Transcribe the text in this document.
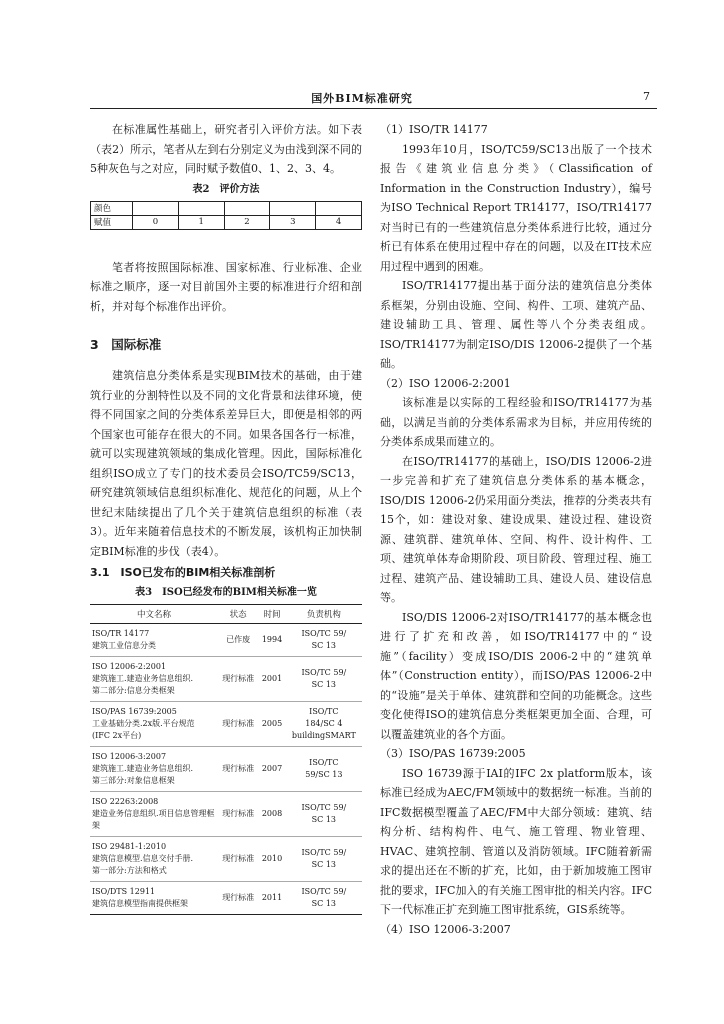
国外BIM标准研究	7

在标准属性基础上，研究者引入评价方法。如下表（表2）所示，笔者从左到右分别定义为由浅到深不同的5种灰色与之对应，同时赋予数值0、1、2、3、4。

表2　评价方法
颜色					
赋值	0	1	2	3	4

笔者将按照国际标准、国家标准、行业标准、企业标准之顺序，逐一对目前国外主要的标准进行介绍和剖析，并对每个标准作出评价。

3　国际标准

建筑信息分类体系是实现BIM技术的基础，由于建筑行业的分割特性以及不同的文化背景和法律环境，使得不同国家之间的分类体系差异巨大，即便是相邻的两个国家也可能存在很大的不同。如果各国各行一标准，就可以实现建筑领域的集成化管理。因此，国际标准化组织ISO成立了专门的技术委员会ISO/TC59/SC13，研究建筑领域信息组织标准化、规范化的问题，从上个世纪末陆续提出了几个关于建筑信息组织的标准（表3）。近年来随着信息技术的不断发展，该机构正加快制定BIM标准的步伐（表4）。

3.1　ISO已发布的BIM相关标准剖析
表3　ISO已经发布的BIM相关标准一览
中文名称	状态	时间	负责机构
ISO/TR 14177
建筑工业信息分类	已作废	1994	ISO/TC 59/
SC 13
ISO 12006-2:2001
建筑施工.建造业务信息组织.
第二部分:信息分类框架	现行标准	2001	ISO/TC 59/
SC 13
ISO/PAS 16739:2005
工业基础分类.2x版.平台规范
(IFC 2x平台)	现行标准	2005	ISO/TC
184/SC 4
buildingSMART
ISO 12006-3:2007
建筑施工.建造业务信息组织.
第三部分:对象信息框架	现行标准	2007	ISO/TC
59/SC 13
ISO 22263:2008
建造业务信息组织.项目信息管理框架	现行标准	2008	ISO/TC 59/
SC 13
ISO 29481-1:2010
建筑信息模型.信息交付手册.
第一部分:方法和格式	现行标准	2010	ISO/TC 59/
SC 13
ISO/DTS 12911
建筑信息模型指南提供框架	现行标准	2011	ISO/TC 59/
SC 13

（1）ISO/TR 14177

1993年10月，ISO/TC59/SC13出版了一个技术报告《建筑业信息分类》（Classification of Information in the Construction Industry），编号为ISO Technical Report TR14177，ISO/TR14177对当时已有的一些建筑信息分类体系进行比较，通过分析已有体系在使用过程中存在的问题，以及在IT技术应用过程中遇到的困难。

ISO/TR14177提出基于面分法的建筑信息分类体系框架，分别由设施、空间、构件、工项、建筑产品、建设辅助工具、管理、属性等八个分类表组成。ISO/TR14177为制定ISO/DIS 12006-2提供了一个基础。

（2）ISO 12006-2:2001

该标准是以实际的工程经验和ISO/TR14177为基础，以满足当前的分类体系需求为目标，并应用传统的分类体系成果而建立的。

在ISO/TR14177的基础上，ISO/DIS 12006-2进一步完善和扩充了建筑信息分类体系的基本概念，ISO/DIS 12006-2仍采用面分类法，推荐的分类表共有15个，如：建设对象、建设成果、建设过程、建设资源、建筑群、建筑单体、空间、构件、设计构件、工项、建筑单体寿命期阶段、项目阶段、管理过程、施工过程、建筑产品、建设辅助工具、建设人员、建设信息等。

ISO/DIS 12006-2对ISO/TR14177的基本概念也进行了扩充和改善，如ISO/TR14177中的“设施”（facility）变成ISO/DIS 2006-2中的“建筑单体”（Construction entity），而ISO/PAS 12006-2中的“设施”是关于单体、建筑群和空间的功能概念。这些变化使得ISO的建筑信息分类框架更加全面、合理，可以覆盖建筑业的各个方面。

（3）ISO/PAS 16739:2005

ISO 16739源于IAI的IFC 2x platform版本，该标准已经成为AEC/FM领域中的数据统一标准。当前的IFC数据模型覆盖了AEC/FM中大部分领域：建筑、结构分析、结构构件、电气、施工管理、物业管理、HVAC、建筑控制、管道以及消防领域。IFC随着新需求的提出还在不断的扩充，比如，由于新加坡施工图审批的要求，IFC加入的有关施工图审批的相关内容。IFC下一代标准正扩充到施工图审批系统，GIS系统等。

（4）ISO 12006-3:2007
